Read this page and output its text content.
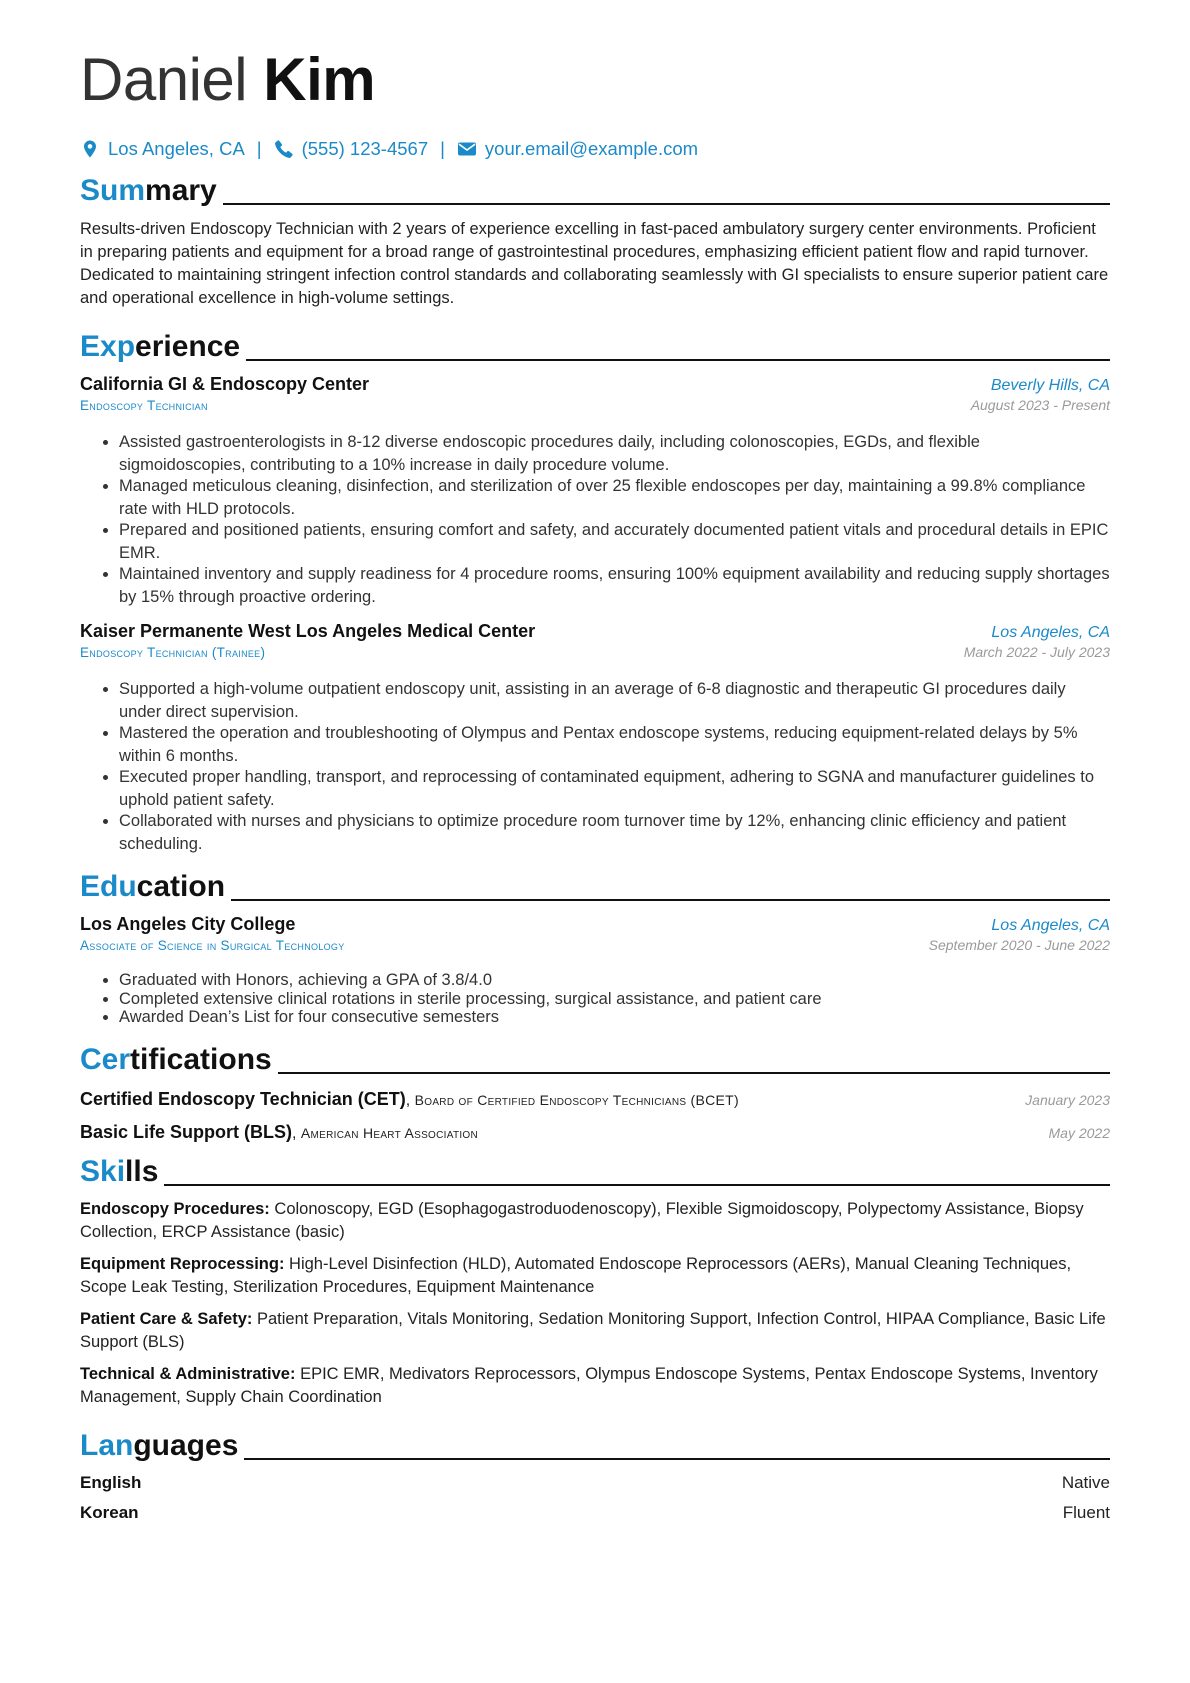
Daniel Kim
Los Angeles, CA | (555) 123-4567 | your.email@example.com
Summary
Results-driven Endoscopy Technician with 2 years of experience excelling in fast-paced ambulatory surgery center environments. Proficient in preparing patients and equipment for a broad range of gastrointestinal procedures, emphasizing efficient patient flow and rapid turnover. Dedicated to maintaining stringent infection control standards and collaborating seamlessly with GI specialists to ensure superior patient care and operational excellence in high-volume settings.
Experience
California GI & Endoscopy Center	Beverly Hills, CA
Endoscopy Technician	August 2023 - Present
• Assisted gastroenterologists in 8-12 diverse endoscopic procedures daily, including colonoscopies, EGDs, and flexible sigmoidoscopies, contributing to a 10% increase in daily procedure volume.
• Managed meticulous cleaning, disinfection, and sterilization of over 25 flexible endoscopes per day, maintaining a 99.8% compliance rate with HLD protocols.
• Prepared and positioned patients, ensuring comfort and safety, and accurately documented patient vitals and procedural details in EPIC EMR.
• Maintained inventory and supply readiness for 4 procedure rooms, ensuring 100% equipment availability and reducing supply shortages by 15% through proactive ordering.
Kaiser Permanente West Los Angeles Medical Center	Los Angeles, CA
Endoscopy Technician (Trainee)	March 2022 - July 2023
• Supported a high-volume outpatient endoscopy unit, assisting in an average of 6-8 diagnostic and therapeutic GI procedures daily under direct supervision.
• Mastered the operation and troubleshooting of Olympus and Pentax endoscope systems, reducing equipment-related delays by 5% within 6 months.
• Executed proper handling, transport, and reprocessing of contaminated equipment, adhering to SGNA and manufacturer guidelines to uphold patient safety.
• Collaborated with nurses and physicians to optimize procedure room turnover time by 12%, enhancing clinic efficiency and patient scheduling.
Education
Los Angeles City College	Los Angeles, CA
Associate of Science in Surgical Technology	September 2020 - June 2022
• Graduated with Honors, achieving a GPA of 3.8/4.0
• Completed extensive clinical rotations in sterile processing, surgical assistance, and patient care
• Awarded Dean’s List for four consecutive semesters
Certifications
Certified Endoscopy Technician (CET), Board of Certified Endoscopy Technicians (BCET)	January 2023
Basic Life Support (BLS), American Heart Association	May 2022
Skills
Endoscopy Procedures: Colonoscopy, EGD (Esophagogastroduodenoscopy), Flexible Sigmoidoscopy, Polypectomy Assistance, Biopsy Collection, ERCP Assistance (basic)
Equipment Reprocessing: High-Level Disinfection (HLD), Automated Endoscope Reprocessors (AERs), Manual Cleaning Techniques, Scope Leak Testing, Sterilization Procedures, Equipment Maintenance
Patient Care & Safety: Patient Preparation, Vitals Monitoring, Sedation Monitoring Support, Infection Control, HIPAA Compliance, Basic Life Support (BLS)
Technical & Administrative: EPIC EMR, Medivators Reprocessors, Olympus Endoscope Systems, Pentax Endoscope Systems, Inventory Management, Supply Chain Coordination
Languages
English	Native
Korean	Fluent
